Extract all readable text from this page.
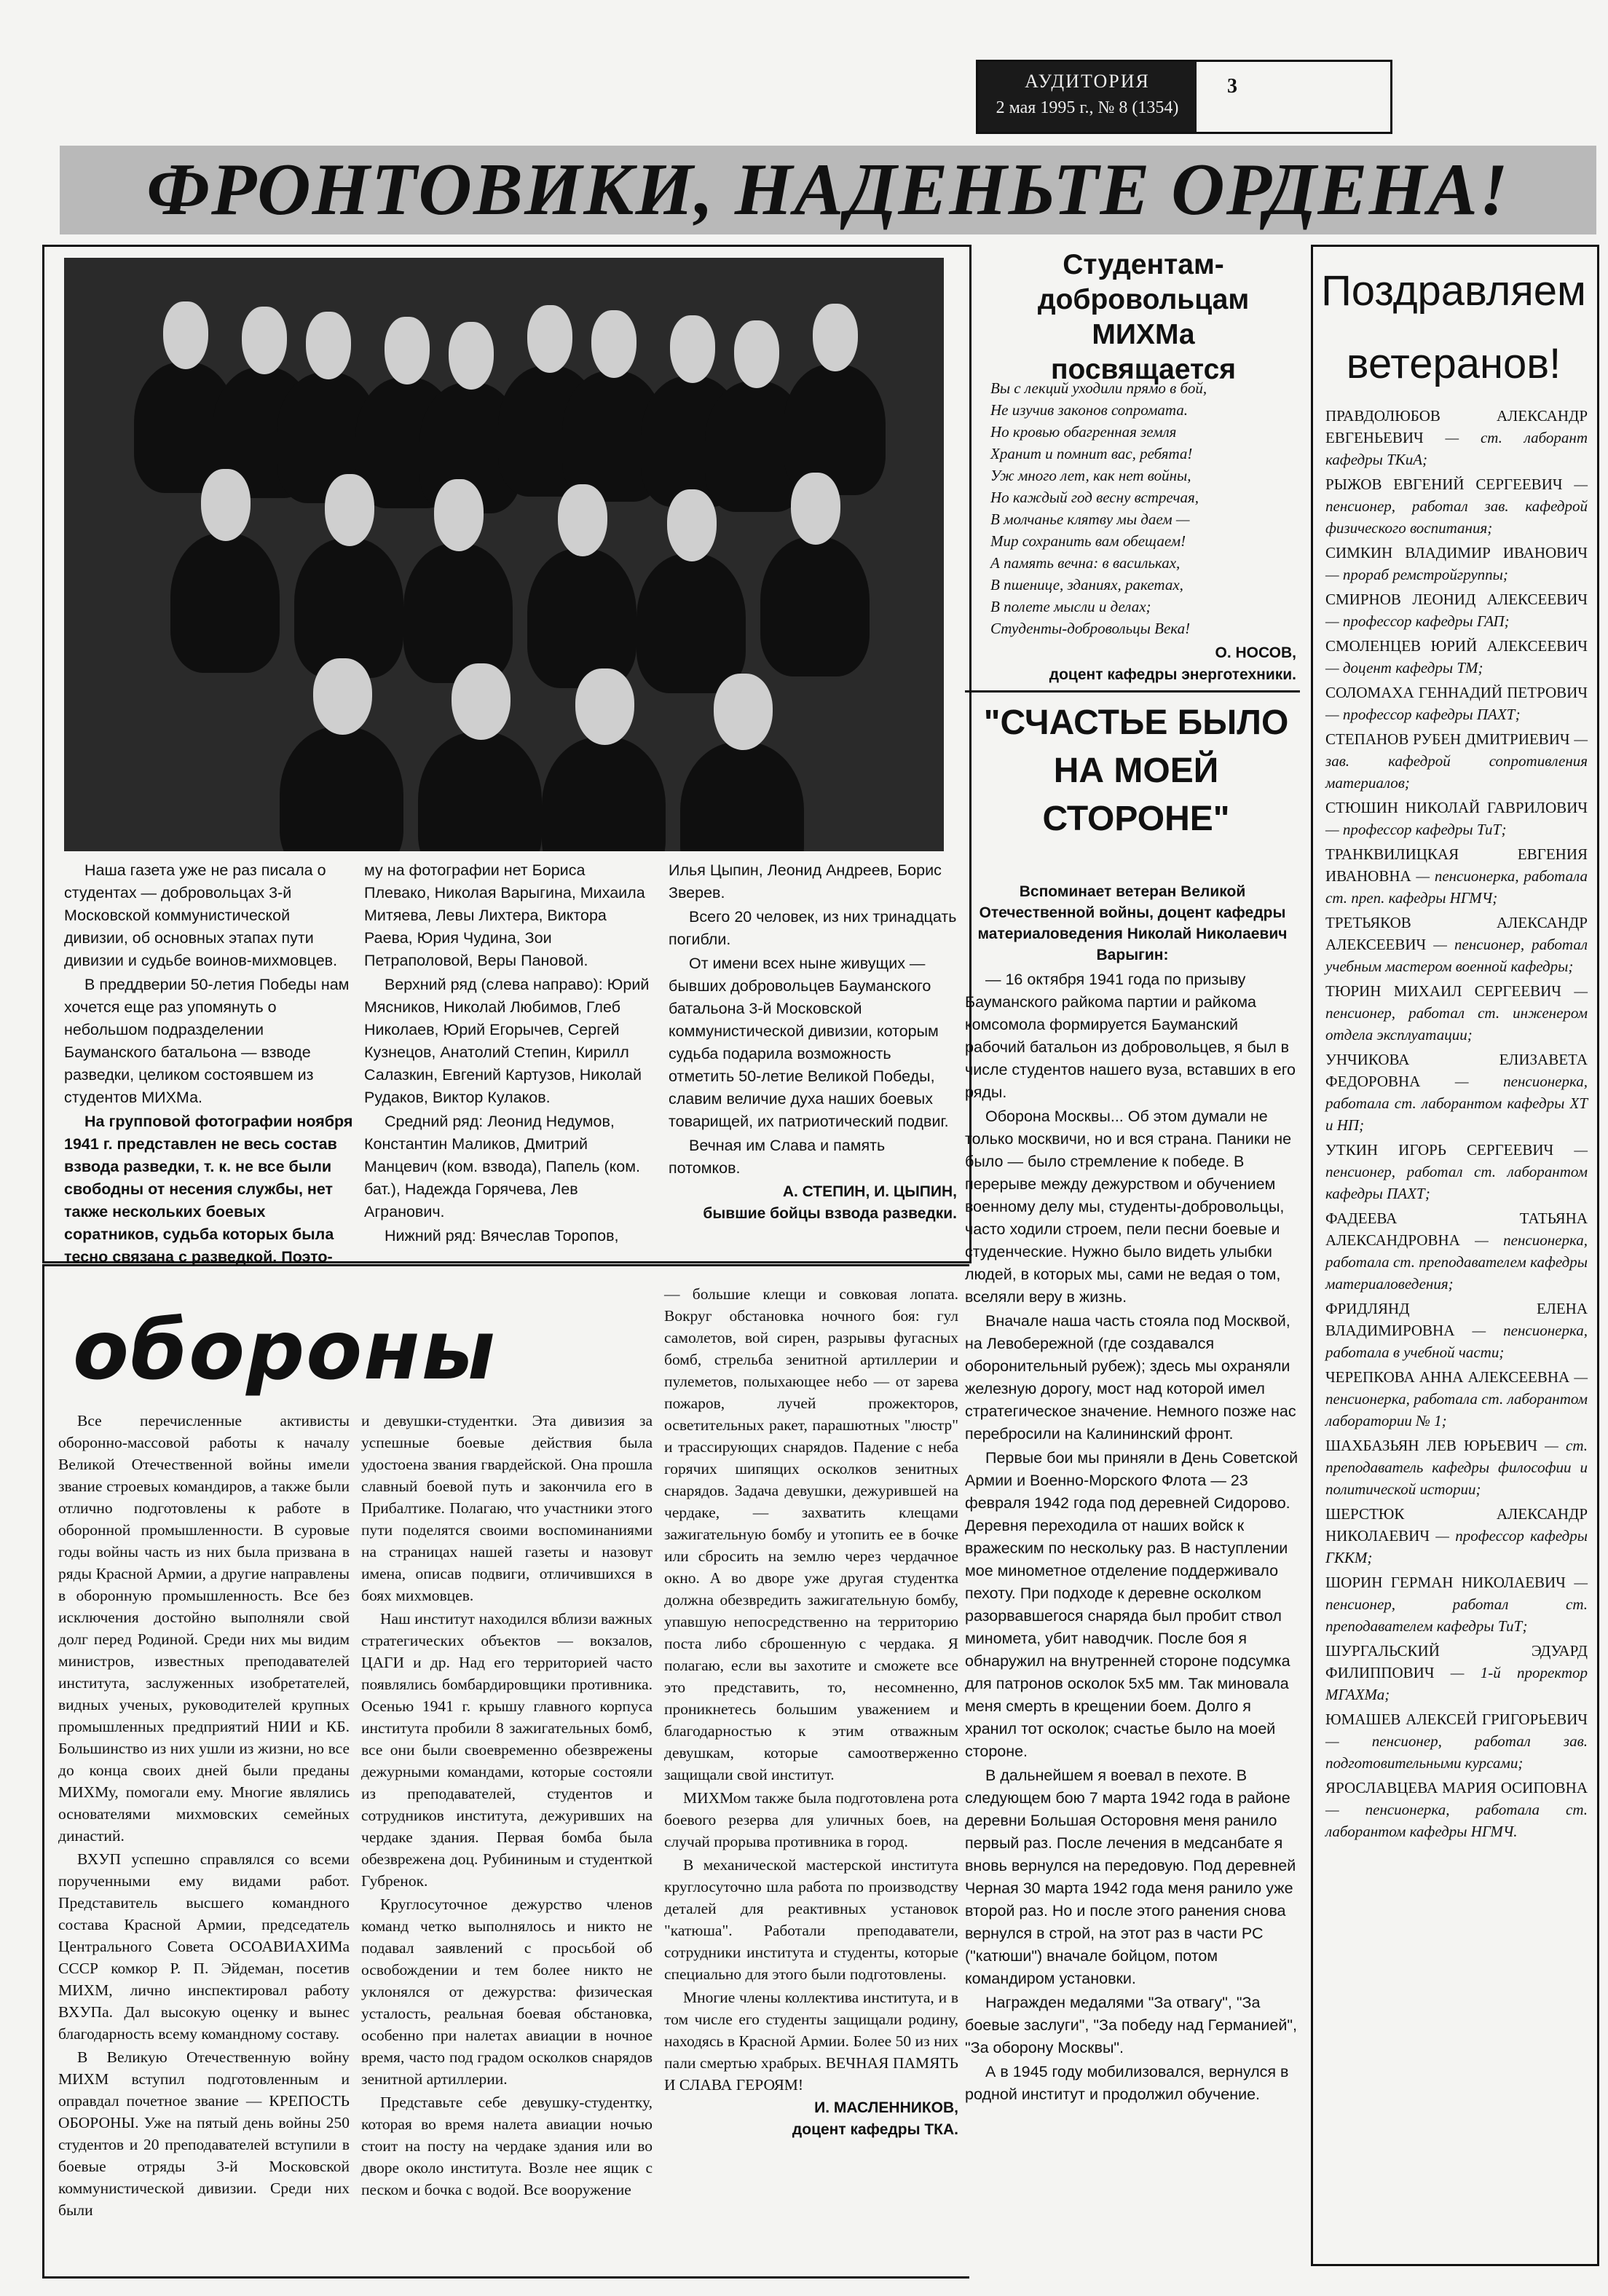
АУДИТОРИЯ
2 мая 1995 г., № 8 (1354)
3
ФРОНТОВИКИ, НАДЕНЬТЕ ОРДЕНА!

Наша газета уже не раз писала о студентах — добровольцах 3-й Московской коммунистической дивизии, об основных этапах пути дивизии и судьбе воинов-михмовцев.

В преддверии 50-летия Победы нам хочется еще раз упомянуть о небольшом подразделении Бауманского батальона — взводе разведки, целиком состоявшем из студентов МИХМа.

На групповой фотографии ноября 1941 г. представлен не весь состав взвода разведки, т. к. не все были свободны от несения службы, нет также нескольких боевых соратников, судьба которых была тесно связана с разведкой. Поэто-

му на фотографии нет Бориса Плевако, Николая Варыгина, Михаила Митяева, Левы Лихтера, Виктора Раева, Юрия Чудина, Зои Петраполовой, Веры Пановой.

Верхний ряд (слева направо): Юрий Мясников, Николай Любимов, Глеб Николаев, Юрий Егорычев, Сергей Кузнецов, Анатолий Степин, Кирилл Салазкин, Евгений Картузов, Николай Рудаков, Виктор Кулаков.

Средний ряд: Леонид Недумов, Константин Маликов, Дмитрий Манцевич (ком. взвода), Папель (ком. бат.), Надежда Горячева, Лев Агранович.

Нижний ряд: Вячеслав Торопов,

Илья Цыпин, Леонид Андреев, Борис Зверев.

Всего 20 человек, из них тринадцать погибли.

От имени всех ныне живущих — бывших добровольцев Бауманского батальона 3-й Московской коммунистической дивизии, которым судьба подарила возможность отметить 50-летие Великой Победы, славим величие духа наших боевых товарищей, их патриотический подвиг.

Вечная им Слава и память потомков.

А. СТЕПИН, И. ЦЫПИН,
бывшие бойцы взвода разведки.
Студентам-добровольцам МИХМа посвящается
Вы с лекций уходили прямо в бой,
Не изучив законов сопромата.
Но кровью обагренная земля
Хранит и помнит вас, ребята!
Уж много лет, как нет войны,
Но каждый год весну встречая,
В молчанье клятву мы даем —
Мир сохранить вам обещаем!
А память вечна: в васильках,
В пшенице, зданиях, ракетах,
В полете мысли и делах;
Студенты-добровольцы Века!
О. НОСОВ,
доцент кафедры энерготехники.
"СЧАСТЬЕ БЫЛО НА МОЕЙ СТОРОНЕ"
Вспоминает ветеран Великой Отечественной войны, доцент кафедры материаловедения Николай Николаевич Варыгин:

— 16 октября 1941 года по призыву Бауманского райкома партии и райкома комсомола формируется Бауманский рабочий батальон из добровольцев, я был в числе студентов нашего вуза, вставших в его ряды.

Оборона Москвы... Об этом думали не только москвичи, но и вся страна. Паники не было — было стремление к победе. В перерыве между дежурством и обучением военному делу мы, студенты-добровольцы, часто ходили строем, пели песни боевые и студенческие. Нужно было видеть улыбки людей, в которых мы, сами не ведая о том, вселяли веру в жизнь.

Вначале наша часть стояла под Москвой, на Левобережной (где создавался оборонительный рубеж); здесь мы охраняли железную дорогу, мост над которой имел стратегическое значение. Немного позже нас перебросили на Калининский фронт.

Первые бои мы приняли в День Советской Армии и Военно-Морского Флота — 23 февраля 1942 года под деревней Сидорово. Деревня переходила от наших войск к вражеским по нескольку раз. В наступлении мое минометное отделение поддерживало пехоту. При подходе к деревне осколком разорвавшегося снаряда был пробит ствол миномета, убит наводчик. После боя я обнаружил на внутренней стороне подсумка для патронов осколок 5x5 мм. Так миновала меня смерть в крещении боем. Долго я хранил тот осколок; счастье было на моей стороне.

В дальнейшем я воевал в пехоте. В следующем бою 7 марта 1942 года в районе деревни Большая Осторовня меня ранило первый раз. После лечения в медсанбате я вновь вернулся на передовую. Под деревней Черная 30 марта 1942 года меня ранило уже второй раз. Но и после этого ранения снова вернулся в строй, на этот раз в части РС ("катюши") вначале бойцом, потом командиром установки.

Награжден медалями "За отвагу", "За боевые заслуги", "За победу над Германией", "За оборону Москвы".

А в 1945 году мобилизовался, вернулся в родной институт и продолжил обучение.

Поздравляем ветеранов!
ПРАВДОЛЮБОВ АЛЕКСАНДР ЕВГЕНЬЕВИЧ — ст. лаборант кафедры ТКиА;
РЫЖОВ ЕВГЕНИЙ СЕРГЕЕВИЧ — пенсионер, работал зав. кафедрой физического воспитания;
СИМКИН ВЛАДИМИР ИВАНОВИЧ — прораб ремстройгруппы;
СМИРНОВ ЛЕОНИД АЛЕКСЕЕВИЧ — профессор кафедры ГАП;
СМОЛЕНЦЕВ ЮРИЙ АЛЕКСЕЕВИЧ — доцент кафедры ТМ;
СОЛОМАХА ГЕННАДИЙ ПЕТРОВИЧ — профессор кафедры ПАХТ;
СТЕПАНОВ РУБЕН ДМИТРИЕВИЧ — зав. кафедрой сопротивления материалов;
СТЮШИН НИКОЛАЙ ГАВРИЛОВИЧ — профессор кафедры ТиТ;
ТРАНКВИЛИЦКАЯ ЕВГЕНИЯ ИВАНОВНА — пенсионерка, работала ст. преп. кафедры НГМЧ;
ТРЕТЬЯКОВ АЛЕКСАНДР АЛЕКСЕЕВИЧ — пенсионер, работал учебным мастером военной кафедры;
ТЮРИН МИХАИЛ СЕРГЕЕВИЧ — пенсионер, работал ст. инженером отдела эксплуатации;
УНЧИКОВА ЕЛИЗАВЕТА ФЕДОРОВНА — пенсионерка, работала ст. лаборантом кафедры ХТ и НП;
УТКИН ИГОРЬ СЕРГЕЕВИЧ — пенсионер, работал ст. лаборантом кафедры ПАХТ;
ФАДЕЕВА ТАТЬЯНА АЛЕКСАНДРОВНА — пенсионерка, работала ст. преподавателем кафедры материаловедения;
ФРИДЛЯНД ЕЛЕНА ВЛАДИМИРОВНА — пенсионерка, работала в учебной части;
ЧЕРЕПКОВА АННА АЛЕКСЕЕВНА — пенсионерка, работала ст. лаборантом лаборатории № 1;
ШАХБАЗЬЯН ЛЕВ ЮРЬЕВИЧ — ст. преподаватель кафедры философии и политической истории;
ШЕРСТЮК АЛЕКСАНДР НИКОЛАЕВИЧ — профессор кафедры ГККМ;
ШОРИН ГЕРМАН НИКОЛАЕВИЧ — пенсионер, работал ст. преподавателем кафедры ТиТ;
ШУРГАЛЬСКИЙ ЭДУАРД ФИЛИППОВИЧ — 1-й проректор МГАХМа;
ЮМАШЕВ АЛЕКСЕЙ ГРИГОРЬЕВИЧ — пенсионер, работал зав. подготовительными курсами;
ЯРОСЛАВЦЕВА МАРИЯ ОСИПОВНА — пенсионерка, работала ст. лаборантом кафедры НГМЧ.
обороны

Все перечисленные активисты оборонно-массовой работы к началу Великой Отечественной войны имели звание строевых командиров, а также были отлично подготовлены к работе в оборонной промышленности. В суровые годы войны часть из них была призвана в ряды Красной Армии, а другие направлены в оборонную промышленность. Все без исключения достойно выполняли свой долг перед Родиной. Среди них мы видим министров, известных преподавателей института, заслуженных изобретателей, видных ученых, руководителей крупных промышленных предприятий НИИ и КБ. Большинство из них ушли из жизни, но все до конца своих дней были преданы МИХМу, помогали ему. Многие являлись основателями михмовских семейных династий.

ВХУП успешно справлялся со всеми порученными ему видами работ. Представитель высшего командного состава Красной Армии, председатель Центрального Совета ОСОАВИАХИМа СССР комкор Р. П. Эйдеман, посетив МИХМ, лично инспектировал работу ВХУПа. Дал высокую оценку и вынес благодарность всему командному составу.

В Великую Отечественную войну МИХМ вступил подготовленным и оправдал почетное звание — КРЕПОСТЬ ОБОРОНЫ. Уже на пятый день войны 250 студентов и 20 преподавателей вступили в боевые отряды 3-й Московской коммунистической дивизии. Среди них были

и девушки-студентки. Эта дивизия за успешные боевые действия была удостоена звания гвардейской. Она прошла славный боевой путь и закончила его в Прибалтике. Полагаю, что участники этого пути поделятся своими воспоминаниями на страницах нашей газеты и назовут имена, описав подвиги, отличившихся в боях михмовцев.

Наш институт находился вблизи важных стратегических объектов — вокзалов, ЦАГИ и др. Над его территорией часто появлялись бомбардировщики противника. Осенью 1941 г. крышу главного корпуса института пробили 8 зажигательных бомб, все они были своевременно обезврежены дежурными командами, которые состояли из преподавателей, студентов и сотрудников института, дежуривших на чердаке здания. Первая бомба была обезврежена доц. Рубининым и студенткой Губренок.

Круглосуточное дежурство членов команд четко выполнялось и никто не подавал заявлений с просьбой об освобождении и тем более никто не уклонялся от дежурства: физическая усталость, реальная боевая обстановка, особенно при налетах авиации в ночное время, часто под градом осколков снарядов зенитной артиллерии.

Представьте себе девушку-студентку, которая во время налета авиации ночью стоит на посту на чердаке здания или во дворе около института. Возле нее ящик с песком и бочка с водой. Все вооружение

— большие клещи и совковая лопата. Вокруг обстановка ночного боя: гул самолетов, вой сирен, разрывы фугасных бомб, стрельба зенитной артиллерии и пулеметов, полыхающее небо — от зарева пожаров, лучей прожекторов, осветительных ракет, парашютных "люстр" и трассирующих снарядов. Падение с неба горячих шипящих осколков зенитных снарядов. Задача девушки, дежурившей на чердаке, — захватить клещами зажигательную бомбу и утопить ее в бочке или сбросить на землю через чердачное окно. А во дворе уже другая студентка должна обезвредить зажигательную бомбу, упавшую непосредственно на территорию поста либо сброшенную с чердака. Я полагаю, если вы захотите и сможете все это представить, то, несомненно, проникнетесь большим уважением и благодарностью к этим отважным девушкам, которые самоотверженно защищали свой институт.

МИХМом также была подготовлена рота боевого резерва для уличных боев, на случай прорыва противника в город.

В механической мастерской института круглосуточно шла работа по производству деталей для реактивных установок "катюша". Работали преподаватели, сотрудники института и студенты, которые специально для этого были подготовлены.

Многие члены коллектива института, и в том числе его студенты защищали родину, находясь в Красной Армии. Более 50 из них пали смертью храбрых. ВЕЧНАЯ ПАМЯТЬ И СЛАВА ГЕРОЯМ!

И. МАСЛЕННИКОВ,
доцент кафедры ТКА.
